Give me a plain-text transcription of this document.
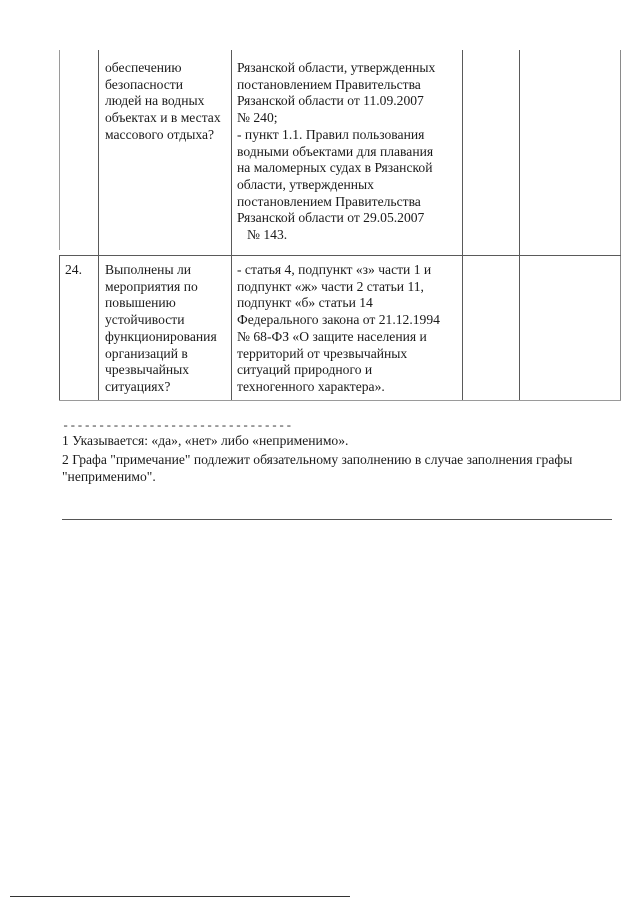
обеспечению
безопасности
людей на водных
объектах и в местах
массового отдыха?
Рязанской области, утвержденных
постановлением Правительства
Рязанской области от 11.09.2007
№ 240;
- пункт 1.1. Правил пользования
водными объектами для плавания
на маломерных судах в Рязанской
области, утвержденных
постановлением Правительства
Рязанской области от 29.05.2007
№ 143.
24. Выполнены ли
мероприятия по
повышению
устойчивости
функционирования
организаций в
чрезвычайных
ситуациях?
- статья 4, подпункт «з» части 1 и
подпункт «ж» части 2 статьи 11,
подпункт «б» статьи 14
Федерального закона от 21.12.1994
№ 68-ФЗ «О защите населения и
территорий от чрезвычайных
ситуаций природного и
техногенного характера».
--------------------------------
1 Указывается: «да», «нет» либо «неприменимо».
2 Графа "примечание" подлежит обязательному заполнению в случае заполнения графы
"неприменимо".
